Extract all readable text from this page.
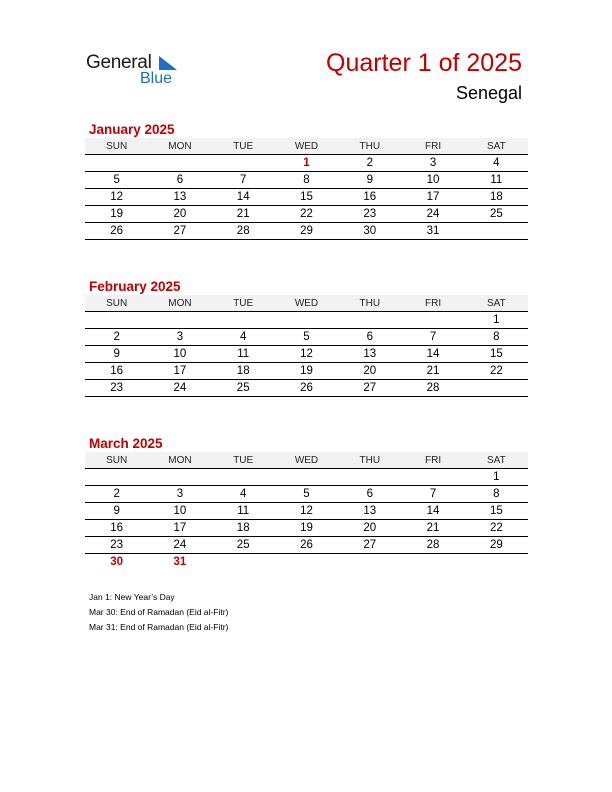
General
Blue
Quarter 1 of 2025
Senegal
January 2025
SUN	MON	TUE	WED	THU	FRI	SAT
			1	2	3	4
5	6	7	8	9	10	11
12	13	14	15	16	17	18
19	20	21	22	23	24	25
26	27	28	29	30	31	
February 2025
SUN	MON	TUE	WED	THU	FRI	SAT
						1
2	3	4	5	6	7	8
9	10	11	12	13	14	15
16	17	18	19	20	21	22
23	24	25	26	27	28	
March 2025
SUN	MON	TUE	WED	THU	FRI	SAT
						1
2	3	4	5	6	7	8
9	10	11	12	13	14	15
16	17	18	19	20	21	22
23	24	25	26	27	28	29
30	31					
Jan 1: New Year’s Day
Mar 30: End of Ramadan (Eid al-Fitr)
Mar 31: End of Ramadan (Eid al-Fitr)
